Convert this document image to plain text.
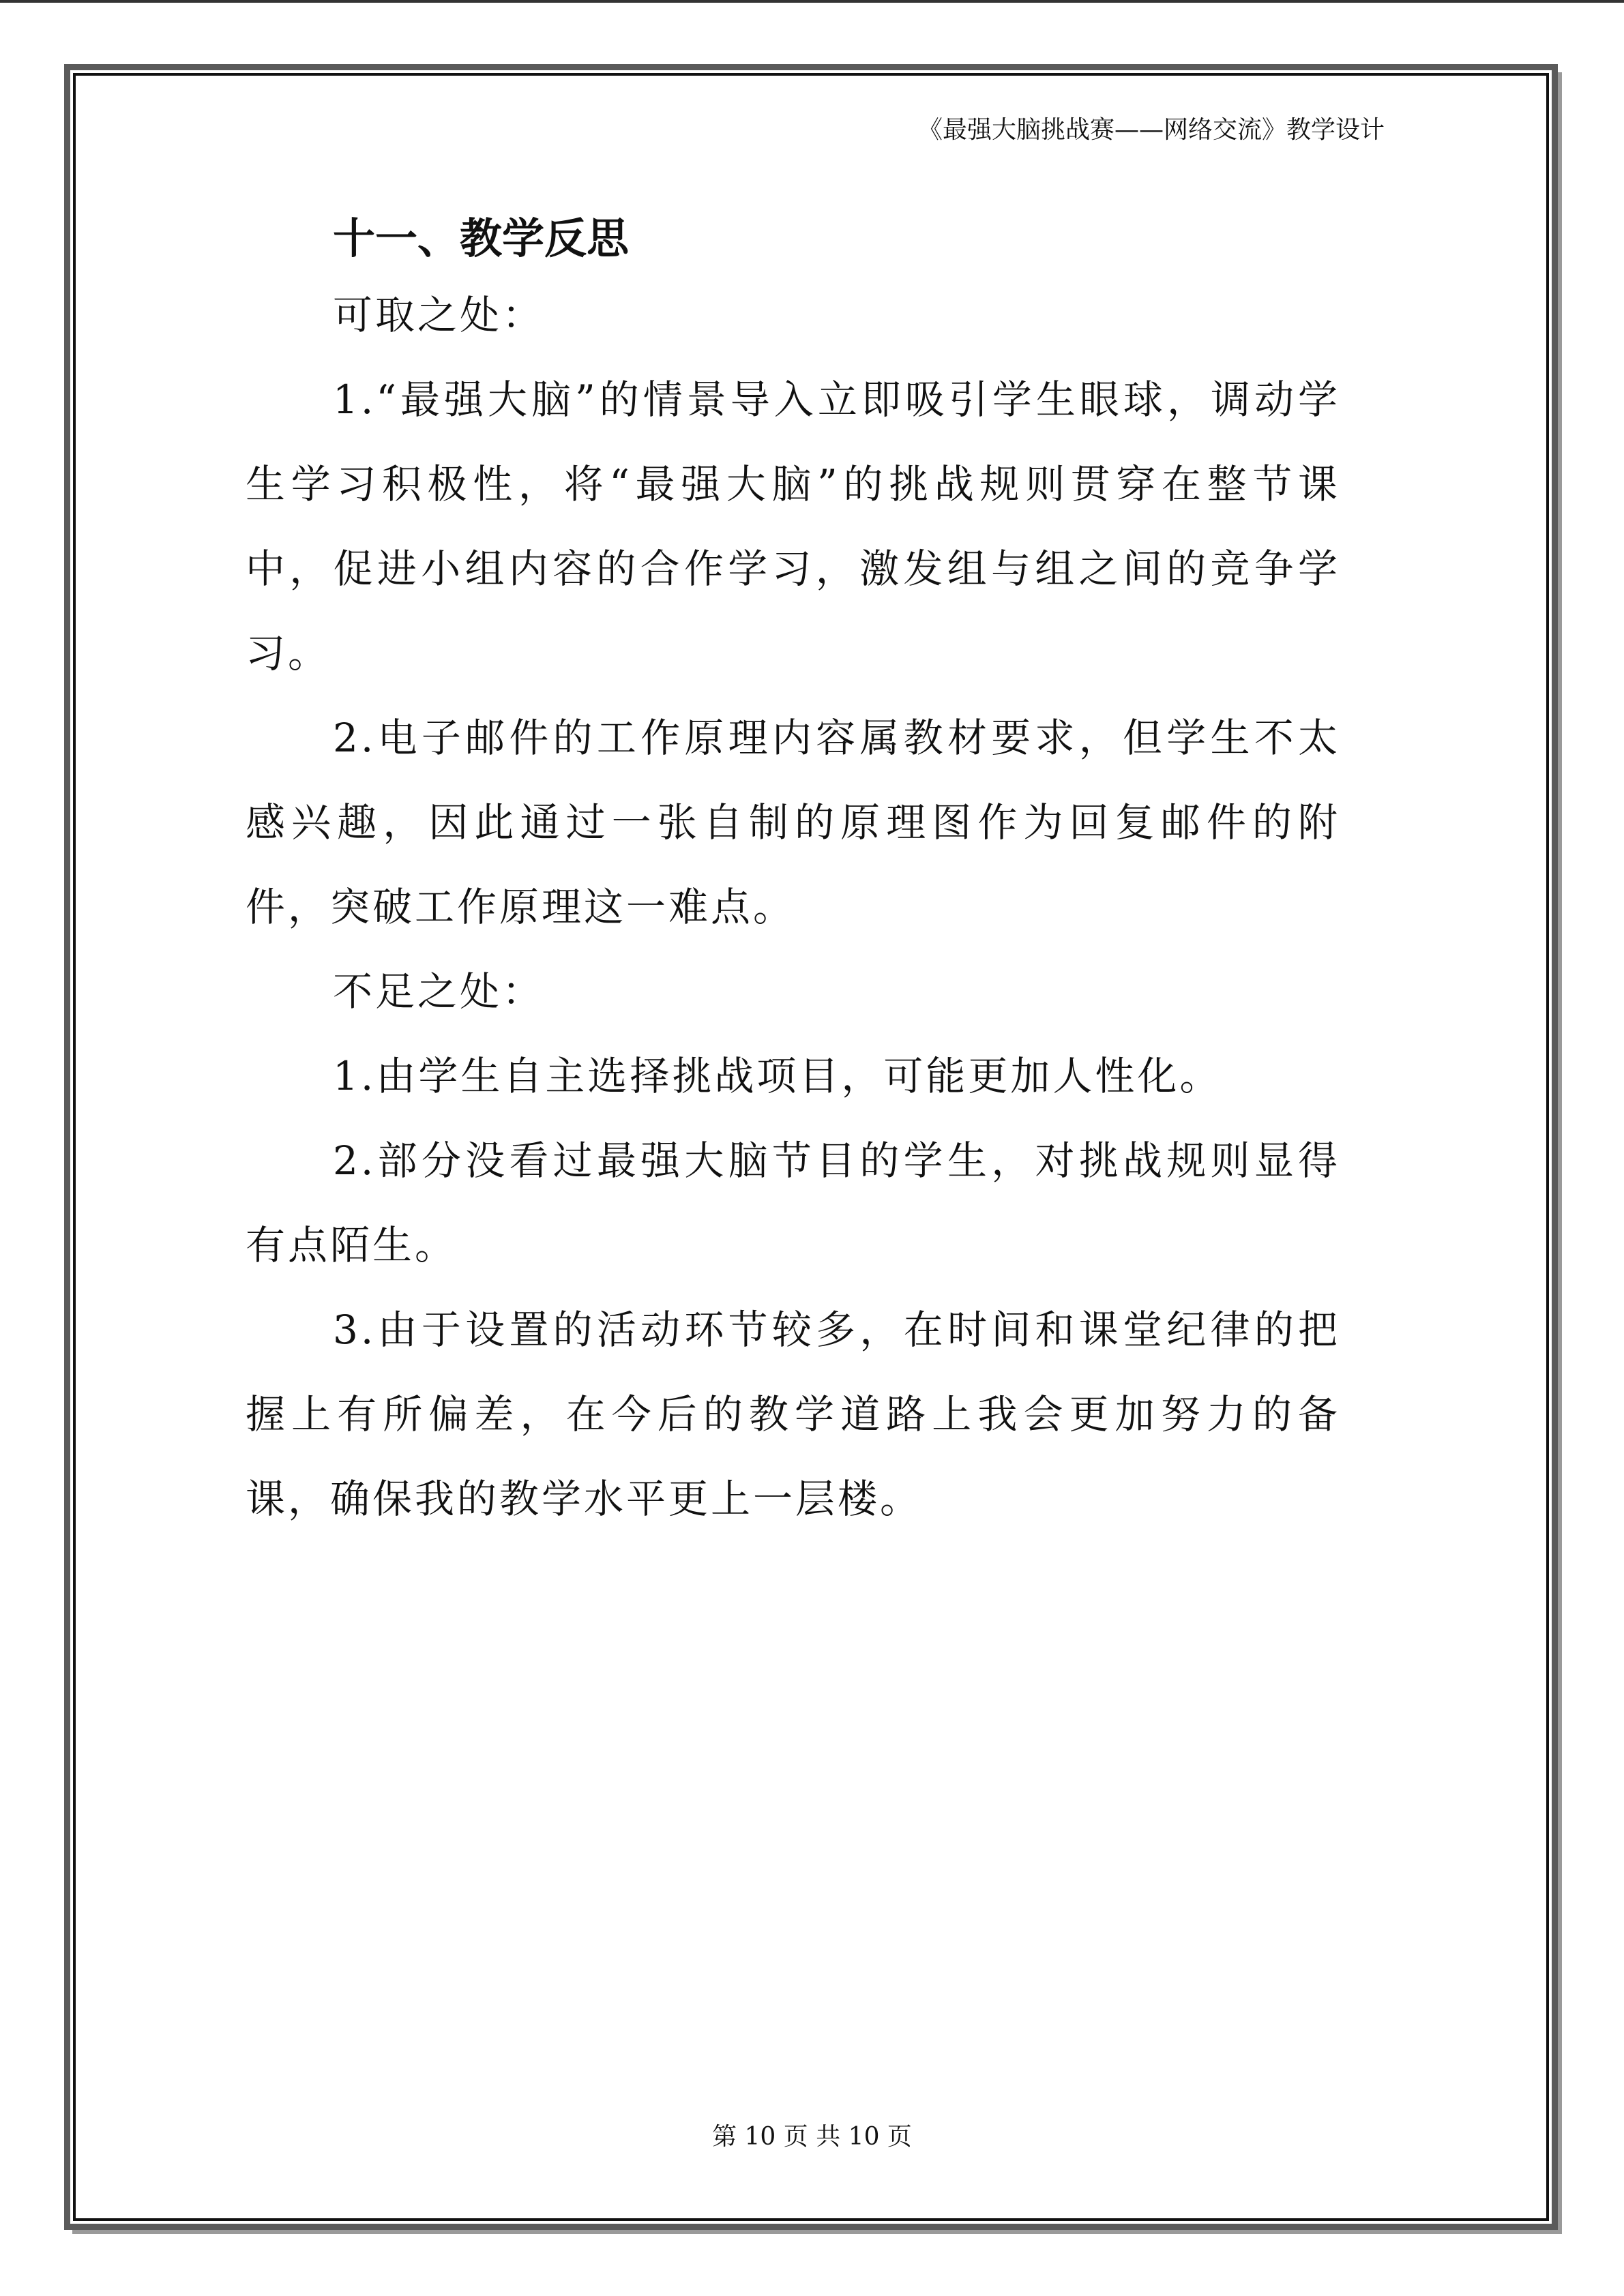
《最强大脑挑战赛——网络交流》教学设计
十一、教学反思

可取之处：

1.“最强大脑”的情景导入立即吸引学生眼球，调动学生学习积极性，将“最强大脑”的挑战规则贯穿在整节课中，促进小组内容的合作学习，激发组与组之间的竞争学习。

2.电子邮件的工作原理内容属教材要求，但学生不太感兴趣，因此通过一张自制的原理图作为回复邮件的附件，突破工作原理这一难点。

不足之处：

1.由学生自主选择挑战项目，可能更加人性化。

2.部分没看过最强大脑节目的学生，对挑战规则显得有点陌生。

3.由于设置的活动环节较多，在时间和课堂纪律的把握上有所偏差，在今后的教学道路上我会更加努力的备课，确保我的教学水平更上一层楼。

第 10 页 共 10 页
